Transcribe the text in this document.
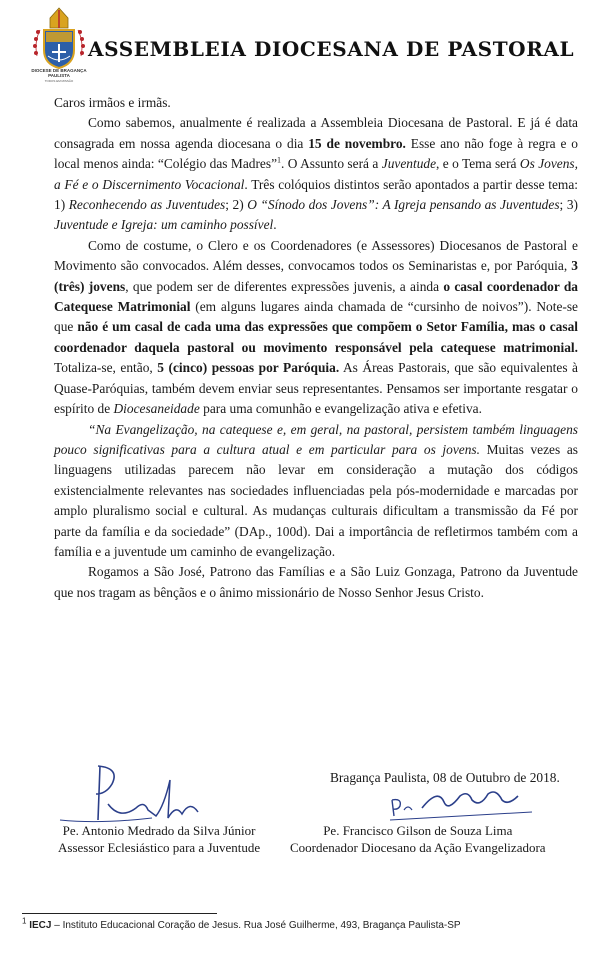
DIOCESE DE BRAGANÇA PAULISTA
TODOS EM MISSÃO
ASSEMBLEIA DIOCESANA DE PASTORAL

Caros irmãos e irmãs.

Como sabemos, anualmente é realizada a Assembleia Diocesana de Pastoral. E já é data consagrada em nossa agenda diocesana o dia 15 de novembro. Esse ano não foge à regra e o local menos ainda: “Colégio das Madres”$^1$. O Assunto será a Juventude, e o Tema será Os Jovens, a Fé e o Discernimento Vocacional. Três colóquios distintos serão apontados a partir desse tema: 1) Reconhecendo as Juventudes; 2) O “Sínodo dos Jovens”: A Igreja pensando as Juventudes; 3) Juventude e Igreja: um caminho possível.

Como de costume, o Clero e os Coordenadores (e Assessores) Diocesanos de Pastoral e Movimento são convocados. Além desses, convocamos todos os Seminaristas e, por Paróquia, 3 (três) jovens, que podem ser de diferentes expressões juvenis, a ainda o casal coordenador da Catequese Matrimonial (em alguns lugares ainda chamada de “cursinho de noivos”). Note-se que não é um casal de cada uma das expressões que compõem o Setor Família, mas o casal coordenador daquela pastoral ou movimento responsável pela catequese matrimonial. Totaliza-se, então, 5 (cinco) pessoas por Paróquia. As Áreas Pastorais, que são equivalentes à Quase-Paróquias, também devem enviar seus representantes. Pensamos ser importante resgatar o espírito de Diocesaneidade para uma comunhão e evangelização ativa e efetiva.

“Na Evangelização, na catequese e, em geral, na pastoral, persistem também linguagens pouco significativas para a cultura atual e em particular para os jovens. Muitas vezes as linguagens utilizadas parecem não levar em consideração a mutação dos códigos existencialmente relevantes nas sociedades influenciadas pela pós-modernidade e marcadas por amplo pluralismo social e cultural. As mudanças culturais dificultam a transmissão da Fé por parte da família e da sociedade” (DAp., 100d). Dai a importância de refletirmos também com a família e a juventude um caminho de evangelização.

Rogamos a São José, Patrono das Famílias e a São Luiz Gonzaga, Patrono da Juventude que nos tragam as bênçãos e o ânimo missionário de Nosso Senhor Jesus Cristo.

Bragança Paulista, 08 de Outubro de 2018.
Pe. Antonio Medrado da Silva Júnior
Assessor Eclesiástico para a Juventude
Pe. Francisco Gilson de Souza Lima
Coordenador Diocesano da Ação Evangelizadora
$^1$ IECJ – Instituto Educacional Coração de Jesus. Rua José Guilherme, 493, Bragança Paulista-SP
